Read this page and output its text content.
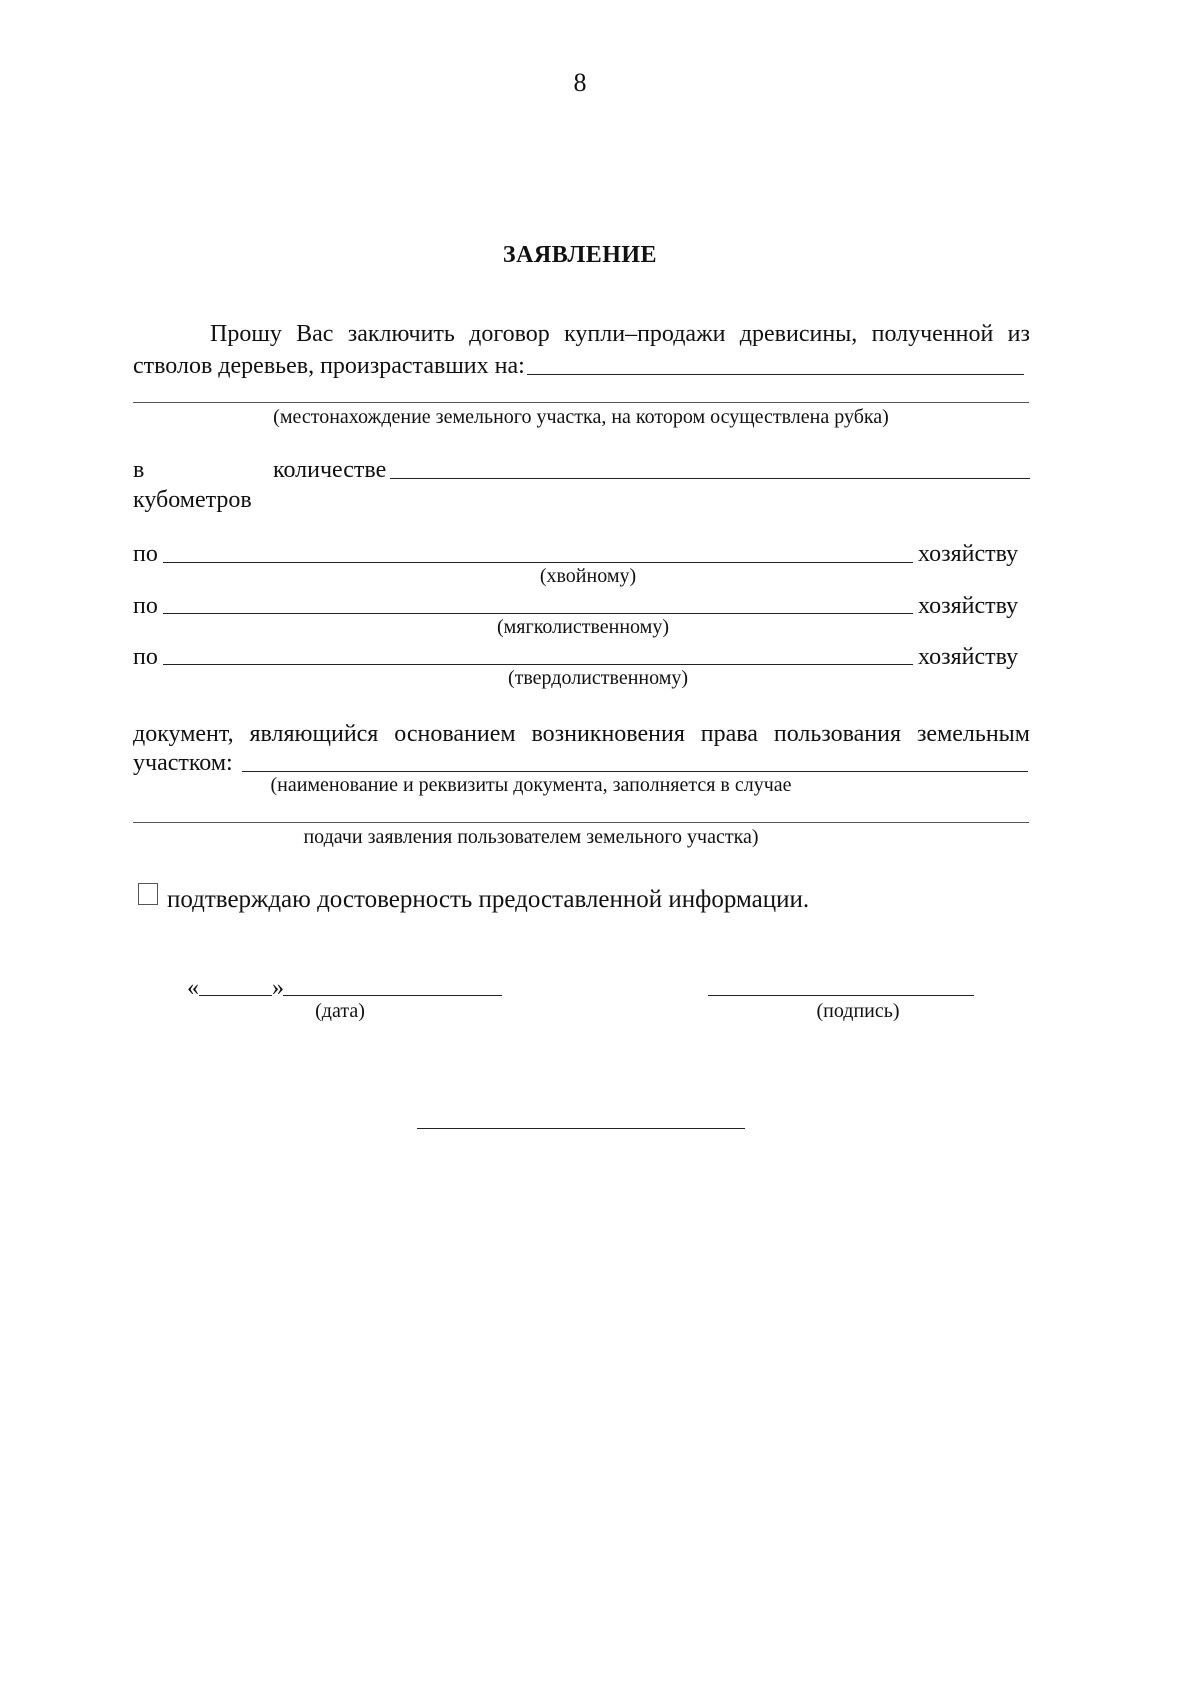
8
ЗАЯВЛЕНИЕ
Прошу Вас заключить договор купли–продажи древисины, полученной из
стволов деревьев, произраставших на:
(местонахождение земельного участка, на котором осуществлена рубка)
в	количестве
кубометров
по	хозяйству
(хвойному)
по	хозяйству
(мягколиственному)
по	хозяйству
(твердолиственному)
документ, являющийся основанием возникновения права пользования земельным
участком:
(наименование и реквизиты документа, заполняется в случае
подачи заявления пользователем земельного участка)
подтверждаю достоверность предоставленной информации.
«	»
(дата)	(подпись)
